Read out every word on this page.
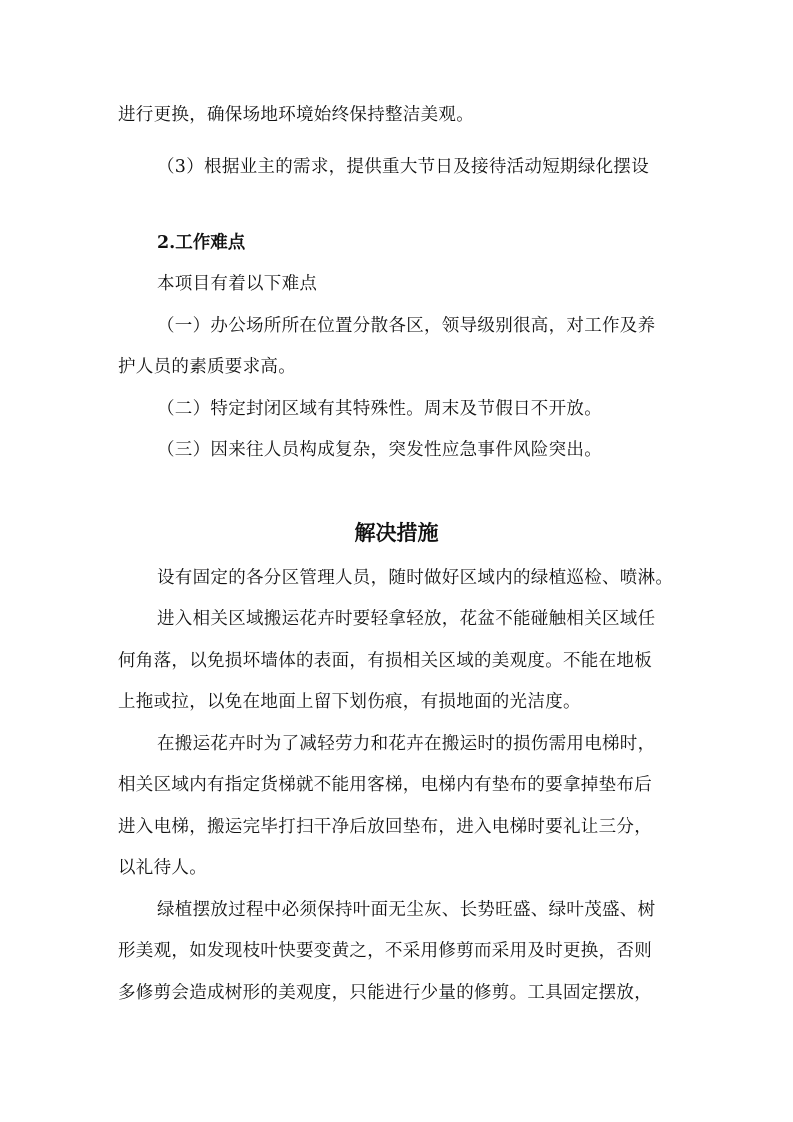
进行更换，确保场地环境始终保持整洁美观。
（3）根据业主的需求，提供重大节日及接待活动短期绿化摆设
2.工作难点
本项目有着以下难点
（一）办公场所所在位置分散各区，领导级别很高，对工作及养
护人员的素质要求高。
（二）特定封闭区域有其特殊性。周末及节假日不开放。
（三）因来往人员构成复杂，突发性应急事件风险突出。
解决措施
设有固定的各分区管理人员，随时做好区域内的绿植巡检、喷淋。
进入相关区域搬运花卉时要轻拿轻放，花盆不能碰触相关区域任
何角落，以免损坏墙体的表面，有损相关区域的美观度。不能在地板
上拖或拉，以免在地面上留下划伤痕，有损地面的光洁度。
在搬运花卉时为了减轻劳力和花卉在搬运时的损伤需用电梯时，
相关区域内有指定货梯就不能用客梯，电梯内有垫布的要拿掉垫布后
进入电梯，搬运完毕打扫干净后放回垫布，进入电梯时要礼让三分，
以礼待人。
绿植摆放过程中必须保持叶面无尘灰、长势旺盛、绿叶茂盛、树
形美观，如发现枝叶快要变黄之，不采用修剪而采用及时更换，否则
多修剪会造成树形的美观度，只能进行少量的修剪。工具固定摆放，
